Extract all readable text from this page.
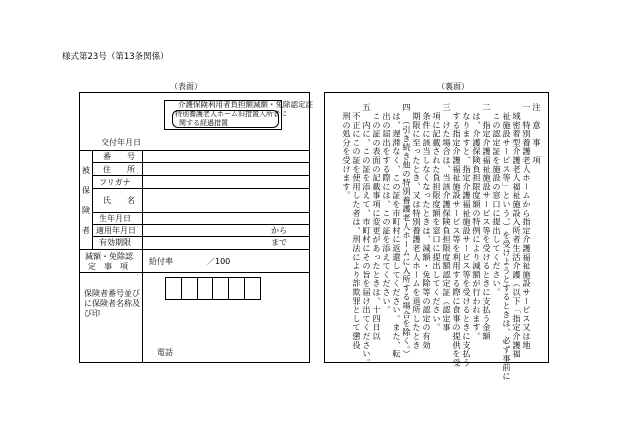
様式第23号（第13条関係）
（表面）	（裏面）
介護保険利用者負担額減額・免除認定証
特別養護老人ホーム旧措置入所者に
関する経過措置
交付年月日
被保険者
番　　号
住　　所
フリガナ
氏　　名
生年月日
適用年月日
有効期限
から
まで
減額・免除認
定　事　項
給付率	／100
保険者番号並び
に保険者名称及
び印
電話
注　意　事　項
一　特別養護老人ホームから指定介護福祉施設サービス又は地
　域密着型介護老人福祉施設入所者生活介護（以下「指定介護福
　祉施設サービス等」という。）を受けようとするときは、必ず事前に
　この認定証を施設の窓口に提出してください。
二　指定介護福祉施設サービス等を受けるときに支払う金額
　は、介護保険負担限度額の特例により減額が行われます。
　なりますと、指定介護福祉施設サービス等を受けるときに支払う
　する指定介護福祉施設サービス等を利用する際に食事の提供を受
三　けた場合は、当該介護保険負担限度額認定証（認定事
　項に記載された負担限度額を窓口に提出してください。
　条件に該当しなくなったときは、減額・免除等の認定の有効
　期限に至ったとき、又は特別養護老人ホームを退所したとき
四　（引き続き他の特別養護老人ホームに入所する場合を除く。）
　は、遅滞なく、この証を市町村に返還してください。また、転
　出の届出をする際には、この証を添えてください。
　この証の表面の記載事項に変更があったときは、十四日以
五　内に、この証を添えて、市町村にその旨を届け出てください。
　不正にこの証を使用した者は、刑法により詐欺罪として懲役
　刑の処分を受けます。
